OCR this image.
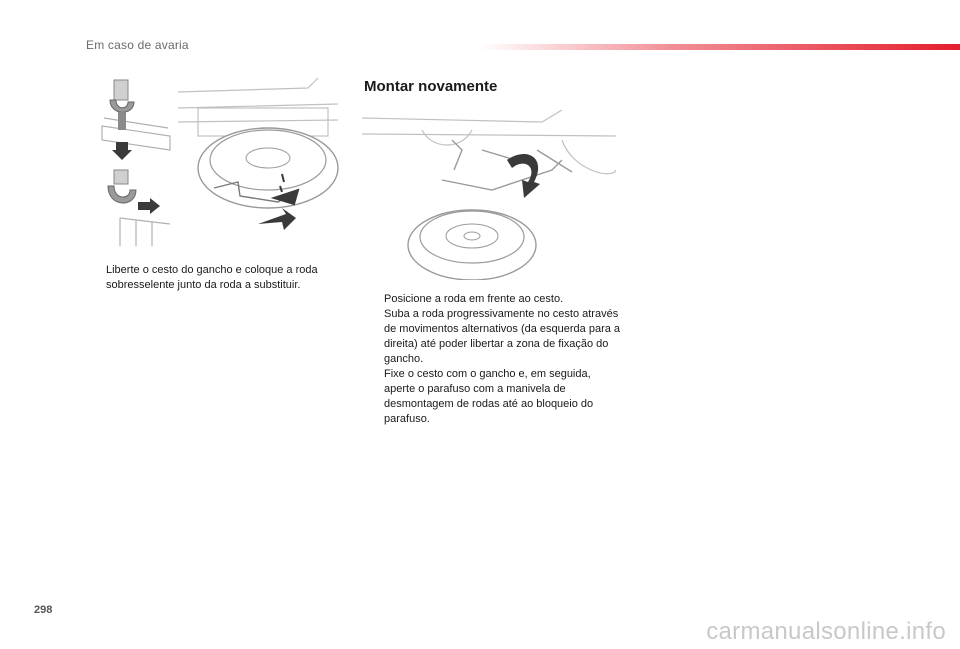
Em caso de avaria
Liberte o cesto do gancho e coloque a roda sobresselente junto da roda a substituir.
Montar novamente
Posicione a roda em frente ao cesto.
Suba a roda progressivamente no cesto através de movimentos alternativos (da esquerda para a direita) até poder libertar a zona de fixação do gancho.
Fixe o cesto com o gancho e, em seguida, aperte o parafuso com a manivela de desmontagem de rodas até ao bloqueio do parafuso.
298
carmanualsonline.info
